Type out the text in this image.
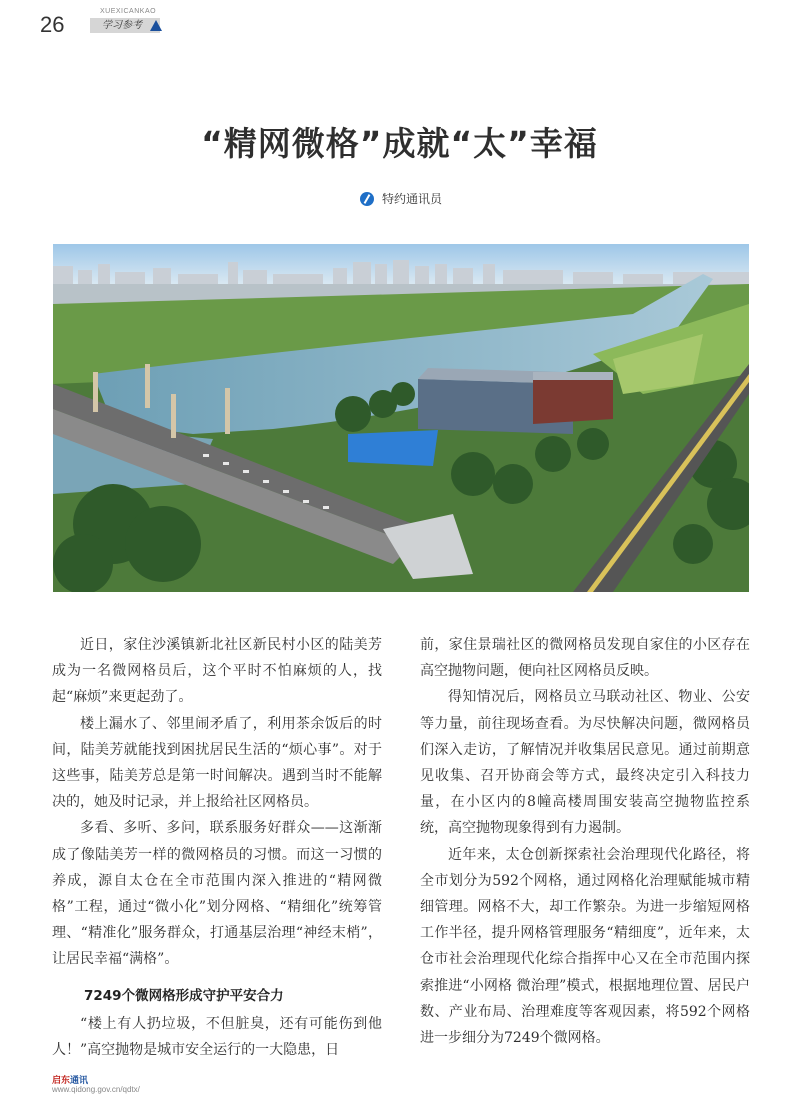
26
XUEXICANKAO
学习参考
“精网微格”成就“太”幸福
特约通讯员

近日，家住沙溪镇新北社区新民村小区的陆美芳成为一名微网格员后，这个平时不怕麻烦的人，找起“麻烦”来更起劲了。

楼上漏水了、邻里闹矛盾了，利用茶余饭后的时间，陆美芳就能找到困扰居民生活的“烦心事”。对于这些事，陆美芳总是第一时间解决。遇到当时不能解决的，她及时记录，并上报给社区网格员。

多看、多听、多问，联系服务好群众——这渐渐成了像陆美芳一样的微网格员的习惯。而这一习惯的养成，源自太仓在全市范围内深入推进的“精网微格”工程，通过“微小化”划分网格、“精细化”统筹管理、“精准化”服务群众，打通基层治理“神经末梢”，让居民幸福“满格”。

7249个微网格形成守护平安合力

“楼上有人扔垃圾，不但脏臭，还有可能伤到他人！”高空抛物是城市安全运行的一大隐患，日

前，家住景瑞社区的微网格员发现自家住的小区存在高空抛物问题，便向社区网格员反映。

得知情况后，网格员立马联动社区、物业、公安等力量，前往现场查看。为尽快解决问题，微网格员们深入走访，了解情况并收集居民意见。通过前期意见收集、召开协商会等方式，最终决定引入科技力量，在小区内的8幢高楼周围安装高空抛物监控系统，高空抛物现象得到有力遏制。

近年来，太仓创新探索社会治理现代化路径，将全市划分为592个网格，通过网格化治理赋能城市精细管理。网格不大，却工作繁杂。为进一步缩短网格工作半径，提升网格管理服务“精细度”，近年来，太仓市社会治理现代化综合指挥中心又在全市范围内探索推进“小网格 微治理”模式，根据地理位置、居民户数、产业布局、治理难度等客观因素，将592个网格进一步细分为7249个微网格。

启东通讯
www.qidong.gov.cn/qdtx/
